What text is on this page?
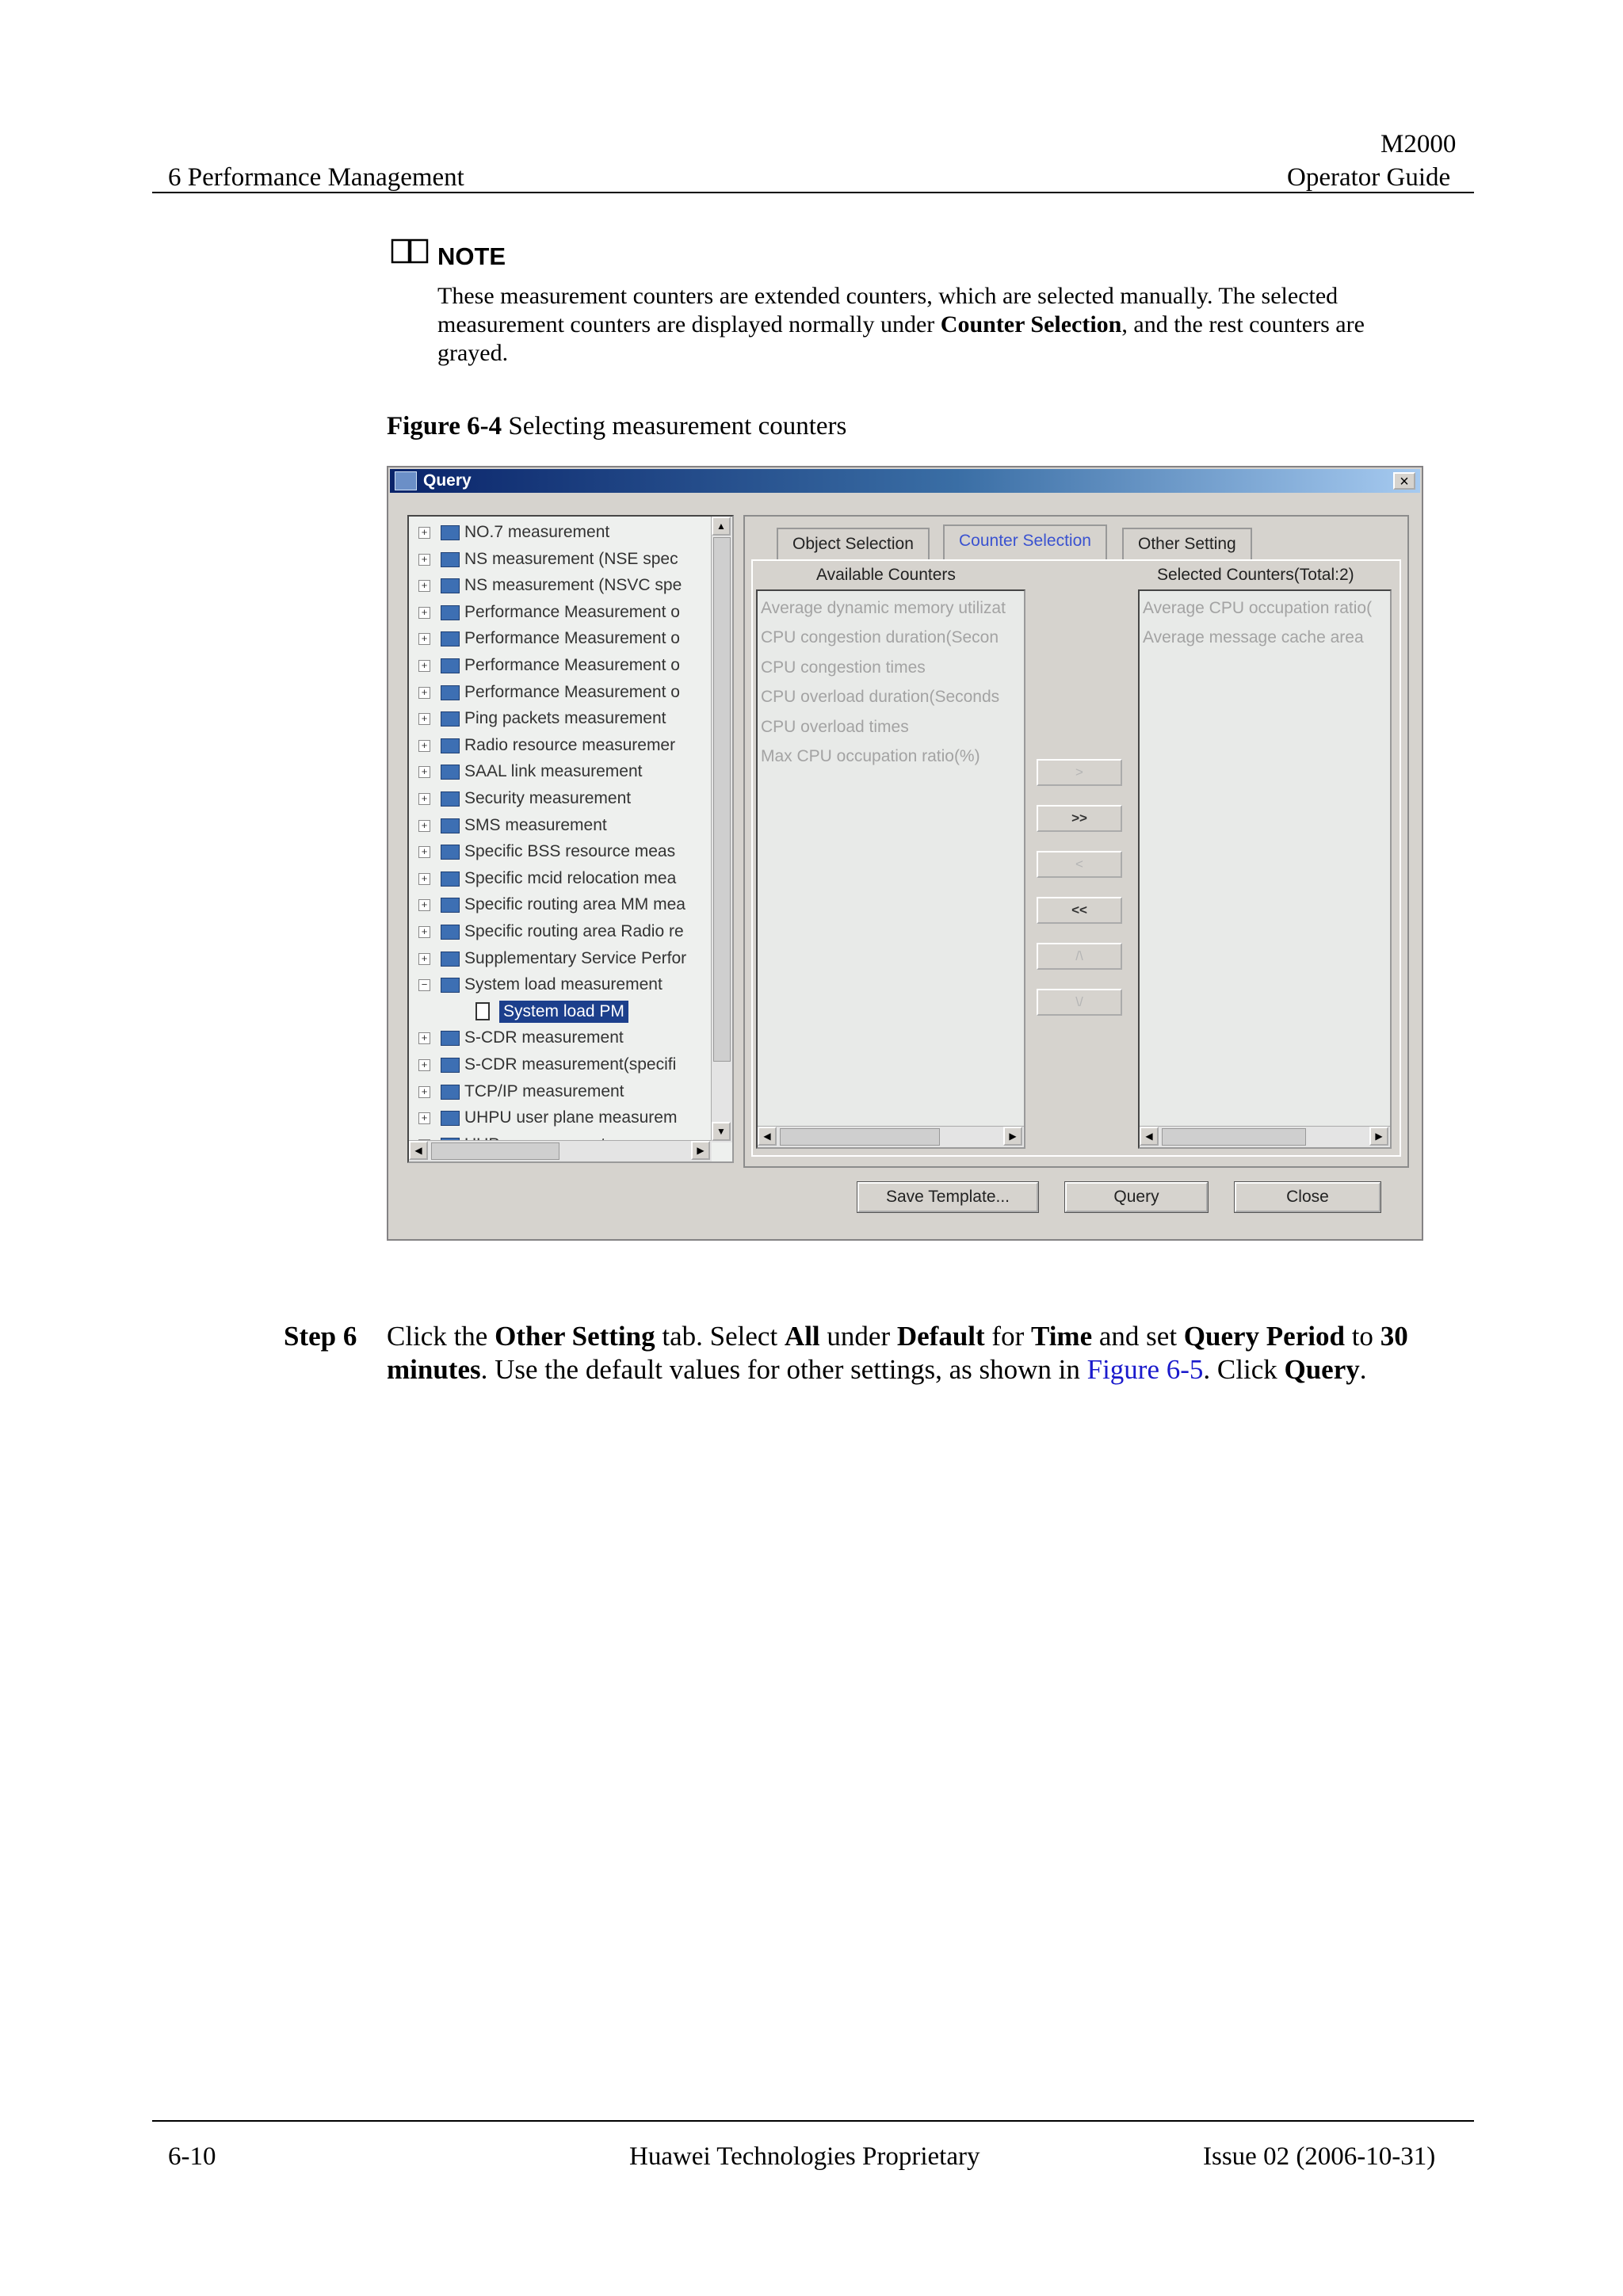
M2000
6 Performance Management	Operator Guide
NOTE
These measurement counters are extended counters, which are selected manually. The selected
measurement counters are displayed normally under Counter Selection, and the rest counters are
grayed.
Figure 6-4 Selecting measurement counters
Query	×
+ NO.7 measurement
+ NS measurement (NSE spec
+ NS measurement (NSVC spe
+ Performance Measurement o
+ Performance Measurement o
+ Performance Measurement o
+ Performance Measurement o
+ Ping packets measurement
+ Radio resource measuremer
+ SAAL link measurement
+ Security measurement
+ SMS measurement
+ Specific BSS resource meas
+ Specific mcid relocation mea
+ Specific routing area MM mea
+ Specific routing area Radio re
+ Supplementary Service Perfor
− System load measurement
System load PM
+ S-CDR measurement
+ S-CDR measurement(specifi
+ TCP/IP measurement
+ UHPU user plane measurem
▲
▼
◀	▶
Object Selection	Counter Selection	Other Setting
Available Counters	Selected Counters(Total:2)
Average dynamic memory utilizat
CPU congestion duration(Secon
CPU congestion times
CPU overload duration(Seconds
CPU overload times
Max CPU occupation ratio(%)
◀	▶
Average CPU occupation ratio(
Average message cache area
◀	▶
>
>>
<
<<
/\
\/
Save Template...	Query	Close
Step 6 Click the Other Setting tab. Select All under Default for Time and set Query Period to 30
minutes. Use the default values for other settings, as shown in Figure 6-5. Click Query.
6-10	Huawei Technologies Proprietary	Issue 02 (2006-10-31)
